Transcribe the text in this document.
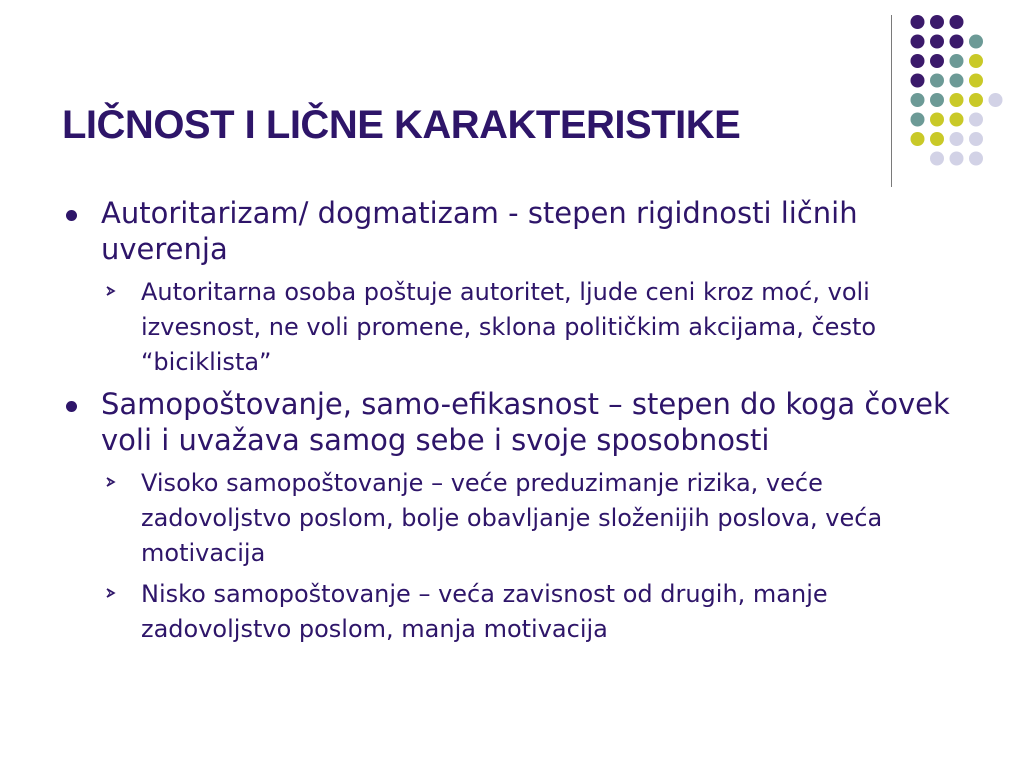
LIČNOST I LIČNE KARAKTERISTIKE
Autoritarizam/ dogmatizam - stepen rigidnosti ličnih uverenja
Autoritarna osoba poštuje autoritet, ljude ceni kroz moć, voli izvesnost, ne voli promene, sklona političkim akcijama, često “biciklista”
Samopoštovanje, samo-efikasnost – stepen do koga čovek voli i uvažava samog sebe i svoje sposobnosti
Visoko samopoštovanje – veće preduzimanje rizika, veće zadovoljstvo poslom, bolje obavljanje složenijih poslova, veća motivacija
Nisko samopoštovanje – veća zavisnost od drugih, manje zadovoljstvo poslom, manja motivacija
